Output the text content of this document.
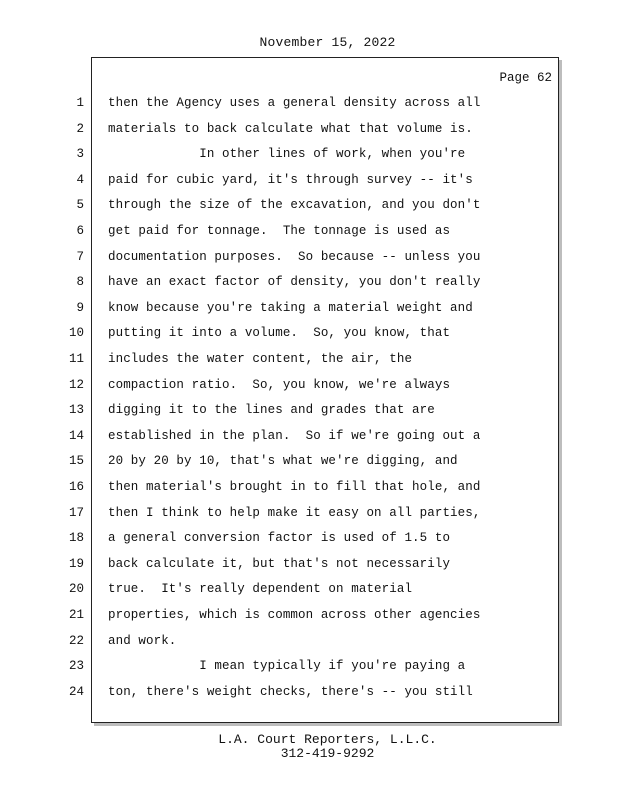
November 15, 2022
Page 62
1 then the Agency uses a general density across all
2 materials to back calculate what that volume is.
3 In other lines of work, when you're
4 paid for cubic yard, it's through survey -- it's
5 through the size of the excavation, and you don't
6 get paid for tonnage.  The tonnage is used as
7 documentation purposes.  So because -- unless you
8 have an exact factor of density, you don't really
9 know because you're taking a material weight and
10 putting it into a volume.  So, you know, that
11 includes the water content, the air, the
12 compaction ratio.  So, you know, we're always
13 digging it to the lines and grades that are
14 established in the plan.  So if we're going out a
15 20 by 20 by 10, that's what we're digging, and
16 then material's brought in to fill that hole, and
17 then I think to help make it easy on all parties,
18 a general conversion factor is used of 1.5 to
19 back calculate it, but that's not necessarily
20 true.  It's really dependent on material
21 properties, which is common across other agencies
22 and work.
23 I mean typically if you're paying a
24 ton, there's weight checks, there's -- you still
L.A. Court Reporters, L.L.C.
312-419-9292
